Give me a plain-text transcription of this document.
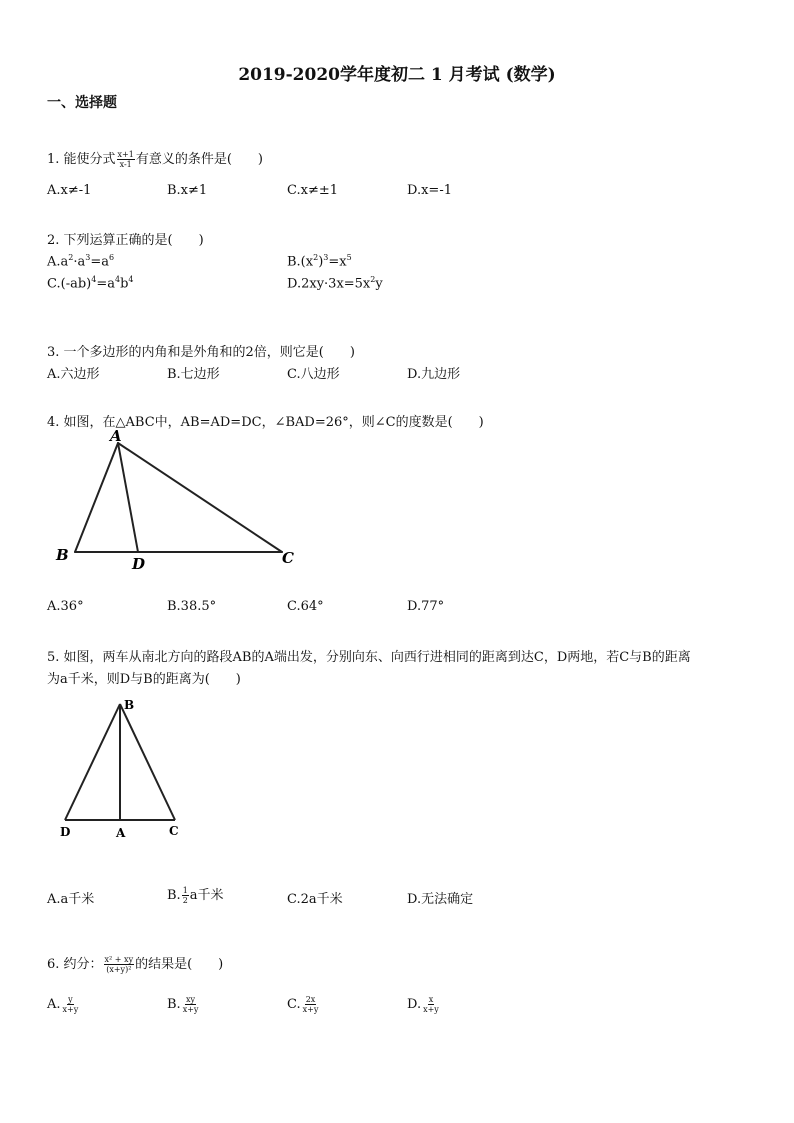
2019-2020学年度初二 1 月考试 (数学)
一、选择题
1. 能使分式 $\frac{x+1}{x-1}$ 有意义的条件是(　　)
A.x≠-1	B.x≠1	C.x≠±1	D.x=-1
2. 下列运算正确的是(　　)
$A.a^2\cdot a^3=a^6$	$B.(x^2)^3=x^5$
$C.(-ab)^4=a^4b^4$	$D.2xy\cdot 3x=5x^2y$
3. 一个多边形的内角和是外角和的2倍，则它是(　　)
A.六边形	B.七边形	C.八边形	D.九边形
4. 如图，在△ABC中，AB=AD=DC，∠BAD=26°，则∠C的度数是(　　)
A
B	D	C
A.36°	B.38.5°	C.64°	D.77°
5. 如图，两车从南北方向的路段AB的A端出发，分别向东、向西行进相同的距离到达C，D两地，若C与B的距离
为a千米，则D与B的距离为(　　)
B
D	A	C
A.a千米	B. $\frac{1}{2}$ a千米	C.2a千米	D.无法确定
6. 约分： $\frac{\text{x² + xy}}{\text{(x+y)²}}$ 的结果是(　　)
A. $\frac{y}{x+y}$	B. $\frac{xy}{x+y}$	C. $\frac{2x}{x+y}$	D. $\frac{x}{x+y}$
